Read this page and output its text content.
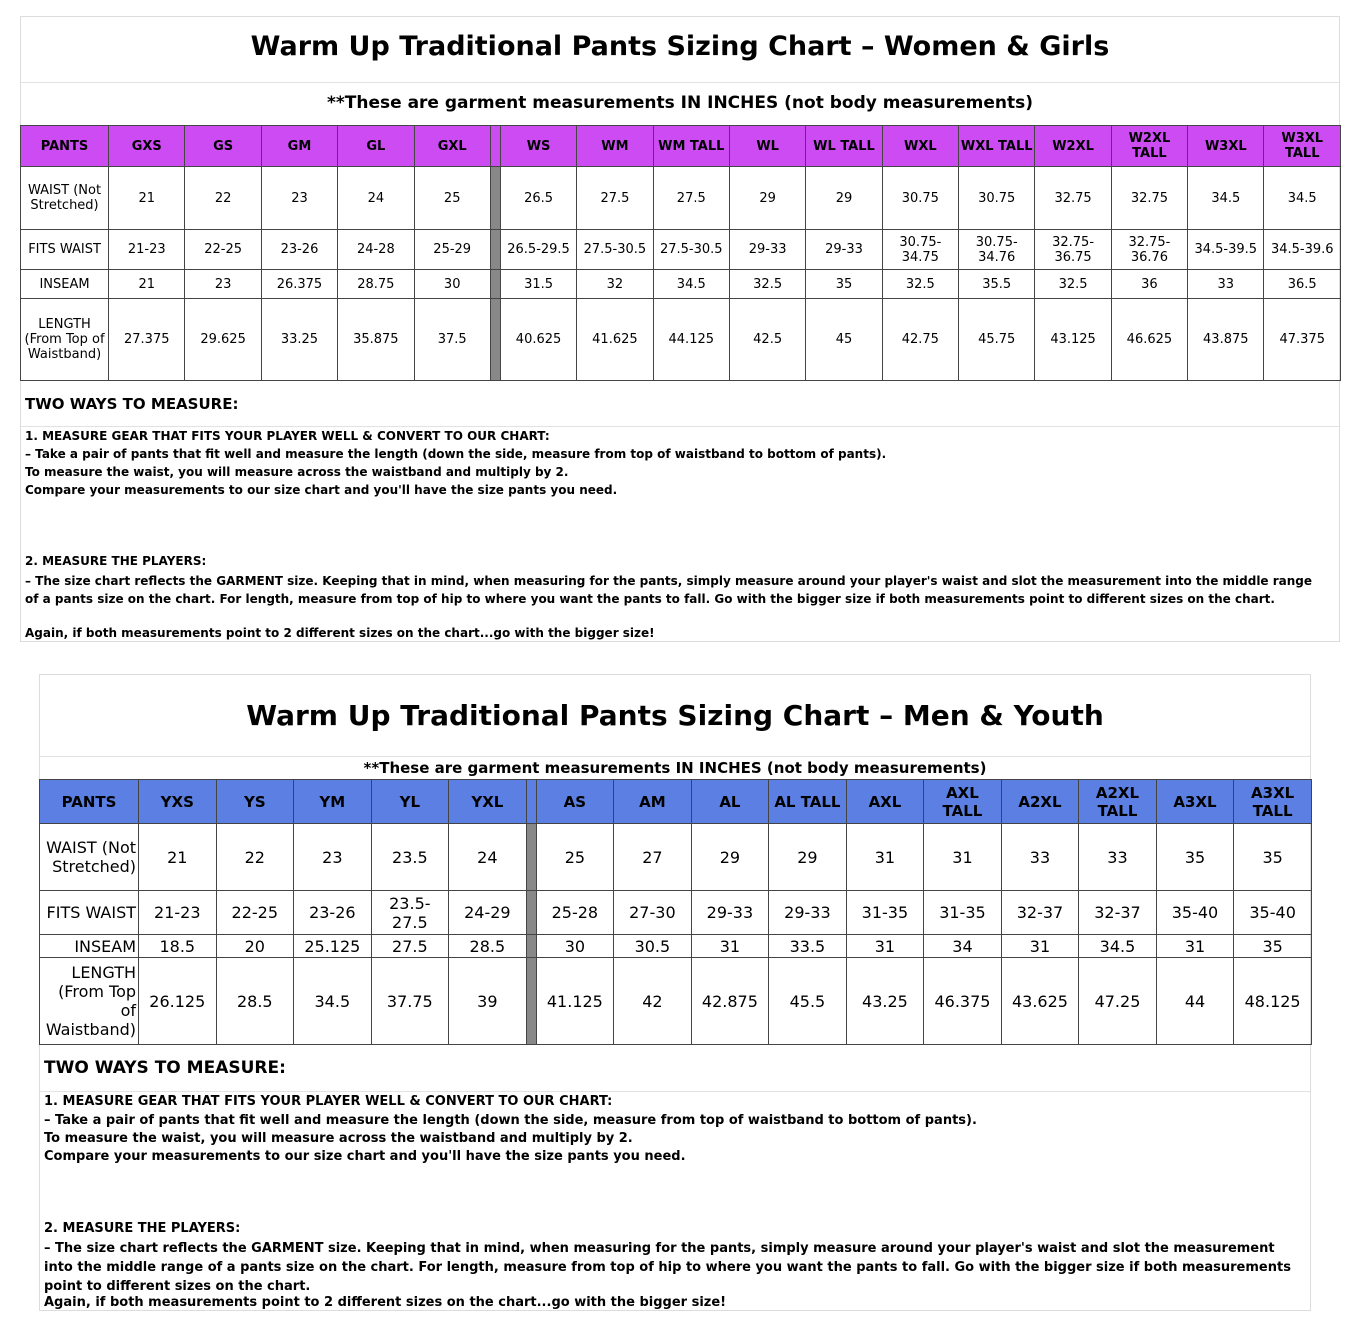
Warm Up Traditional Pants Sizing Chart – Women & Girls
**These are garment measurements IN INCHES (not body measurements)
PANTS	GXS	GS	GM	GL	GXL		WS	WM	WM TALL	WL	WL TALL	WXL	WXL TALL	W2XL	W2XL TALL	W3XL	W3XL TALL
WAIST (Not Stretched)	21	22	23	24	25		26.5	27.5	27.5	29	29	30.75	30.75	32.75	32.75	34.5	34.5
FITS WAIST	21-23	22-25	23-26	24-28	25-29		26.5-29.5	27.5-30.5	27.5-30.5	29-33	29-33	30.75-34.75	30.75-34.76	32.75-36.75	32.75-36.76	34.5-39.5	34.5-39.6
INSEAM	21	23	26.375	28.75	30		31.5	32	34.5	32.5	35	32.5	35.5	32.5	36	33	36.5
LENGTH (From Top of Waistband)	27.375	29.625	33.25	35.875	37.5		40.625	41.625	44.125	42.5	45	42.75	45.75	43.125	46.625	43.875	47.375
TWO WAYS TO MEASURE:
1. MEASURE GEAR THAT FITS YOUR PLAYER WELL & CONVERT TO OUR CHART:
– Take a pair of pants that fit well and measure the length (down the side, measure from top of waistband to bottom of pants).
To measure the waist, you will measure across the waistband and multiply by 2.
Compare your measurements to our size chart and you'll have the size pants you need.
2. MEASURE THE PLAYERS:
– The size chart reflects the GARMENT size. Keeping that in mind, when measuring for the pants, simply measure around your player's waist and slot the measurement into the middle range of a pants size on the chart. For length, measure from top of hip to where you want the pants to fall. Go with the bigger size if both measurements point to different sizes on the chart.
Again, if both measurements point to 2 different sizes on the chart...go with the bigger size!
Warm Up Traditional Pants Sizing Chart – Men & Youth
**These are garment measurements IN INCHES (not body measurements)
PANTS	YXS	YS	YM	YL	YXL		AS	AM	AL	AL TALL	AXL	AXL TALL	A2XL	A2XL TALL	A3XL	A3XL TALL
WAIST (Not Stretched)	21	22	23	23.5	24		25	27	29	29	31	31	33	33	35	35
FITS WAIST	21-23	22-25	23-26	23.5-27.5	24-29		25-28	27-30	29-33	29-33	31-35	31-35	32-37	32-37	35-40	35-40
INSEAM	18.5	20	25.125	27.5	28.5		30	30.5	31	33.5	31	34	31	34.5	31	35
LENGTH (From Top of Waistband)	26.125	28.5	34.5	37.75	39		41.125	42	42.875	45.5	43.25	46.375	43.625	47.25	44	48.125
TWO WAYS TO MEASURE:
1. MEASURE GEAR THAT FITS YOUR PLAYER WELL & CONVERT TO OUR CHART:
– Take a pair of pants that fit well and measure the length (down the side, measure from top of waistband to bottom of pants).
To measure the waist, you will measure across the waistband and multiply by 2.
Compare your measurements to our size chart and you'll have the size pants you need.
2. MEASURE THE PLAYERS:
– The size chart reflects the GARMENT size. Keeping that in mind, when measuring for the pants, simply measure around your player's waist and slot the measurement into the middle range of a pants size on the chart. For length, measure from top of hip to where you want the pants to fall. Go with the bigger size if both measurements point to different sizes on the chart.
Again, if both measurements point to 2 different sizes on the chart...go with the bigger size!
